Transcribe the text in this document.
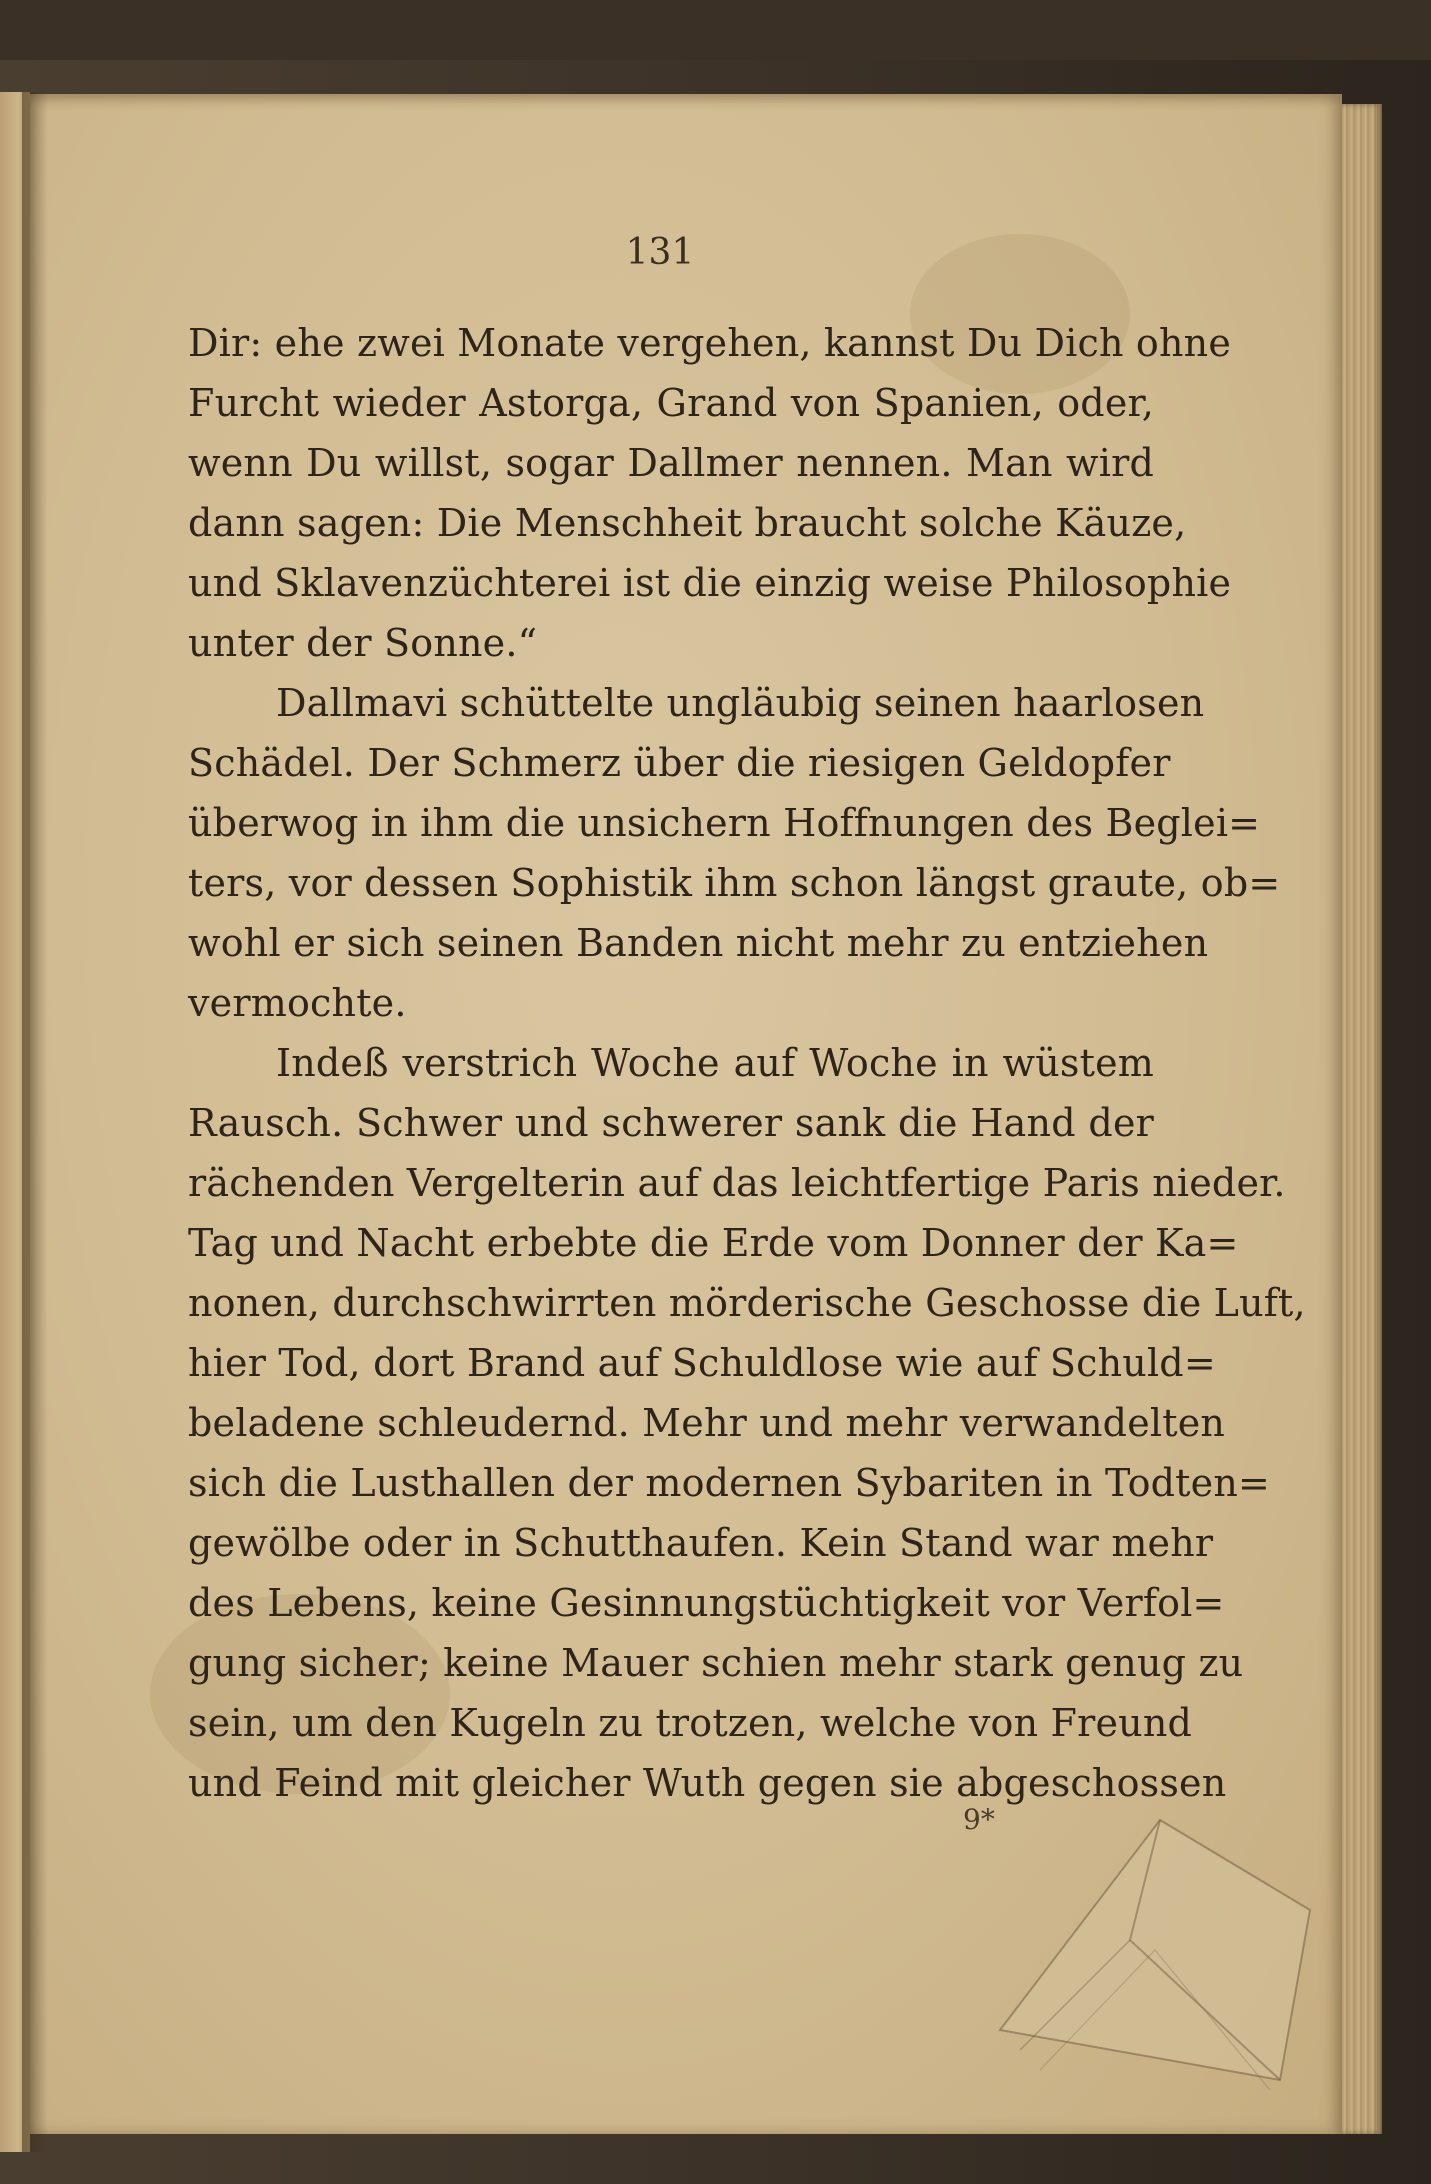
131
Dir: ehe zwei Monate vergehen, kannst Du Dich ohne
Furcht wieder Astorga, Grand von Spanien, oder,
wenn Du willst, sogar Dallmer nennen. Man wird
dann sagen: Die Menschheit braucht solche Käuze,
und Sklavenzüchterei ist die einzig weise Philosophie
unter der Sonne.“
Dallmavi schüttelte ungläubig seinen haarlosen
Schädel. Der Schmerz über die riesigen Geldopfer
überwog in ihm die unsichern Hoffnungen des Beglei=
ters, vor dessen Sophistik ihm schon längst graute, ob=
wohl er sich seinen Banden nicht mehr zu entziehen
vermochte.
Indeß verstrich Woche auf Woche in wüstem
Rausch. Schwer und schwerer sank die Hand der
rächenden Vergelterin auf das leichtfertige Paris nieder.
Tag und Nacht erbebte die Erde vom Donner der Ka=
nonen, durchschwirrten mörderische Geschosse die Luft,
hier Tod, dort Brand auf Schuldlose wie auf Schuld=
beladene schleudernd. Mehr und mehr verwandelten
sich die Lusthallen der modernen Sybariten in Todten=
gewölbe oder in Schutthaufen. Kein Stand war mehr
des Lebens, keine Gesinnungstüchtigkeit vor Verfol=
gung sicher; keine Mauer schien mehr stark genug zu
sein, um den Kugeln zu trotzen, welche von Freund
und Feind mit gleicher Wuth gegen sie abgeschossen
9*
